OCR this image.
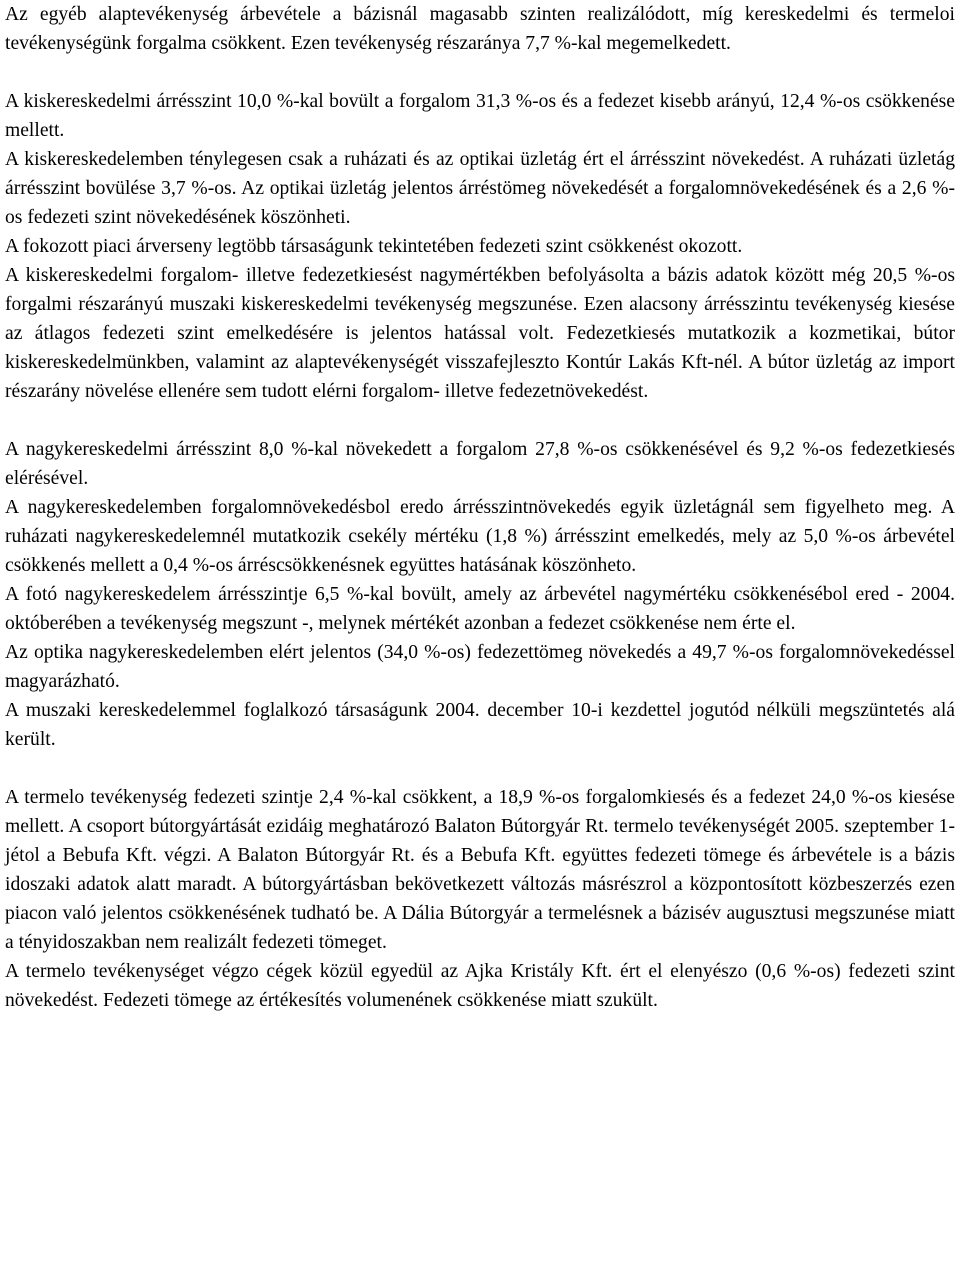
Az egyéb alaptevékenység árbevétele a bázisnál magasabb szinten realizálódott, míg kereskedelmi és termeloi tevékenységünk forgalma csökkent. Ezen tevékenység részaránya 7,7 %-kal megemelkedett.

A kiskereskedelmi árrésszint 10,0 %-kal bovült a forgalom 31,3 %-os és a fedezet kisebb arányú, 12,4 %-os csökkenése mellett.

A kiskereskedelemben ténylegesen csak a ruházati és az optikai üzletág ért el árrésszint növekedést. A ruházati üzletág árrésszint bovülése 3,7 %-os. Az optikai üzletág jelentos árréstömeg növekedését a forgalomnövekedésének és a 2,6 %-os fedezeti szint növekedésének köszönheti.

A fokozott piaci árverseny legtöbb társaságunk tekintetében fedezeti szint csökkenést okozott.

A kiskereskedelmi forgalom- illetve fedezetkiesést nagymértékben befolyásolta a bázis adatok között még 20,5 %-os forgalmi részarányú muszaki kiskereskedelmi tevékenység megszunése. Ezen alacsony árrésszintu tevékenység kiesése az átlagos fedezeti szint emelkedésére is jelentos hatással volt. Fedezetkiesés mutatkozik a kozmetikai, bútor kiskereskedelmünkben, valamint az alaptevékenységét visszafejleszto Kontúr Lakás Kft-nél. A bútor üzletág az import részarány növelése ellenére sem tudott elérni forgalom- illetve fedezetnövekedést.

A nagykereskedelmi árrésszint 8,0 %-kal növekedett a forgalom 27,8 %-os csökkenésével és 9,2 %-os fedezetkiesés elérésével.

A nagykereskedelemben forgalomnövekedésbol eredo árrésszintnövekedés egyik üzletágnál sem figyelheto meg. A ruházati nagykereskedelemnél mutatkozik csekély mértéku (1,8 %) árrésszint emelkedés, mely az 5,0 %-os árbevétel csökkenés mellett a 0,4 %-os árréscsökkenésnek együttes hatásának köszönheto.

A fotó nagykereskedelem árrésszintje 6,5 %-kal bovült, amely az árbevétel nagymértéku csökkenésébol ered - 2004. októberében a tevékenység megszunt -, melynek mértékét azonban a fedezet csökkenése nem érte el.

Az optika nagykereskedelemben elért jelentos (34,0 %-os) fedezettömeg növekedés a 49,7 %-os forgalomnövekedéssel magyarázható.

A muszaki kereskedelemmel foglalkozó társaságunk 2004. december 10-i kezdettel jogutód nélküli megszüntetés alá került.

A termelo tevékenység fedezeti szintje 2,4 %-kal csökkent, a 18,9 %-os forgalomkiesés és a fedezet 24,0 %-os kiesése mellett. A csoport bútorgyártását ezidáig meghatározó Balaton Bútorgyár Rt. termelo tevékenységét 2005. szeptember 1-jétol a Bebufa Kft. végzi. A Balaton Bútorgyár Rt. és a Bebufa Kft. együttes fedezeti tömege és árbevétele is a bázis idoszaki adatok alatt maradt. A bútorgyártásban bekövetkezett változás másrészrol a központosított közbeszerzés ezen piacon való jelentos csökkenésének tudható be. A Dália Bútorgyár a termelésnek a bázisév augusztusi megszunése miatt a tényidoszakban nem realizált fedezeti tömeget.

A termelo tevékenységet végzo cégek közül egyedül az Ajka Kristály Kft. ért el elenyészo (0,6 %-os) fedezeti szint növekedést. Fedezeti tömege az értékesítés volumenének csökkenése miatt szukült.
